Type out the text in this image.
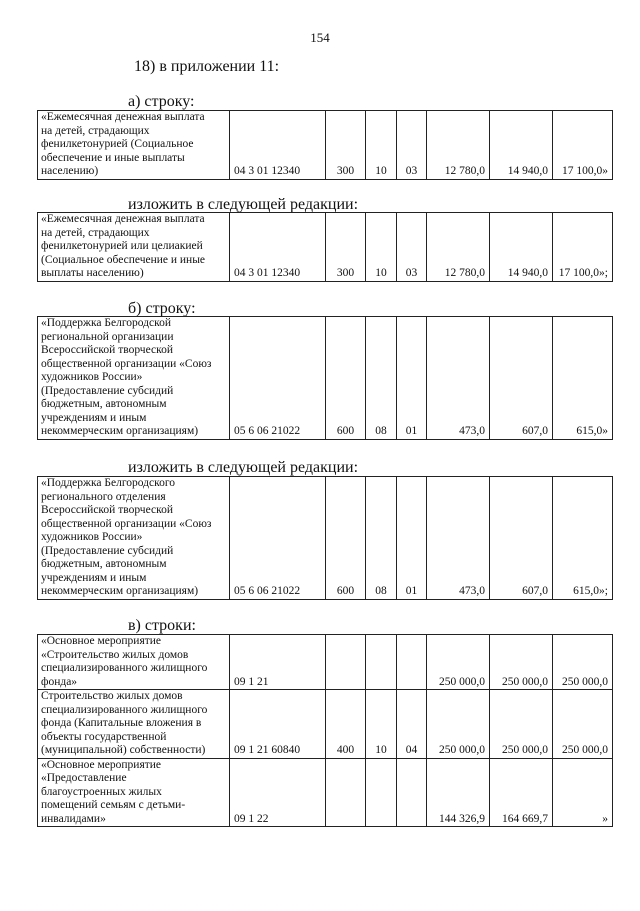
154
18) в приложении 11:
а) строку:
«Ежемесячная денежная выплата
на детей, страдающих
фенилкетонурией (Социальное
обеспечение и иные выплаты
населению)	04 3 01 12340	300	10	03	12 780,0	14 940,0	17 100,0»
изложить в следующей редакции:
«Ежемесячная денежная выплата
на детей, страдающих
фенилкетонурией или целиакией
(Социальное обеспечение и иные
выплаты населению)	04 3 01 12340	300	10	03	12 780,0	14 940,0	17 100,0»;
б) строку:
«Поддержка Белгородской
региональной организации
Всероссийской творческой
общественной организации «Союз
художников России»
(Предоставление субсидий
бюджетным, автономным
учреждениям и иным
некоммерческим организациям)	05 6 06 21022	600	08	01	473,0	607,0	615,0»
изложить в следующей редакции:
«Поддержка Белгородского
регионального отделения
Всероссийской творческой
общественной организации «Союз
художников России»
(Предоставление субсидий
бюджетным, автономным
учреждениям и иным
некоммерческим организациям)	05 6 06 21022	600	08	01	473,0	607,0	615,0»;
в) строки:
«Основное мероприятие
«Строительство жилых домов
специализированного жилищного
фонда»	09 1 21				250 000,0	250 000,0	250 000,0

Строительство жилых домов
специализированного жилищного
фонда (Капитальные вложения в
объекты государственной
(муниципальной) собственности)	09 1 21 60840	400	10	04	250 000,0	250 000,0	250 000,0

«Основное мероприятие
«Предоставление
благоустроенных жилых
помещений семьям с детьми-
инвалидами»	09 1 22				144 326,9	164 669,7	»
